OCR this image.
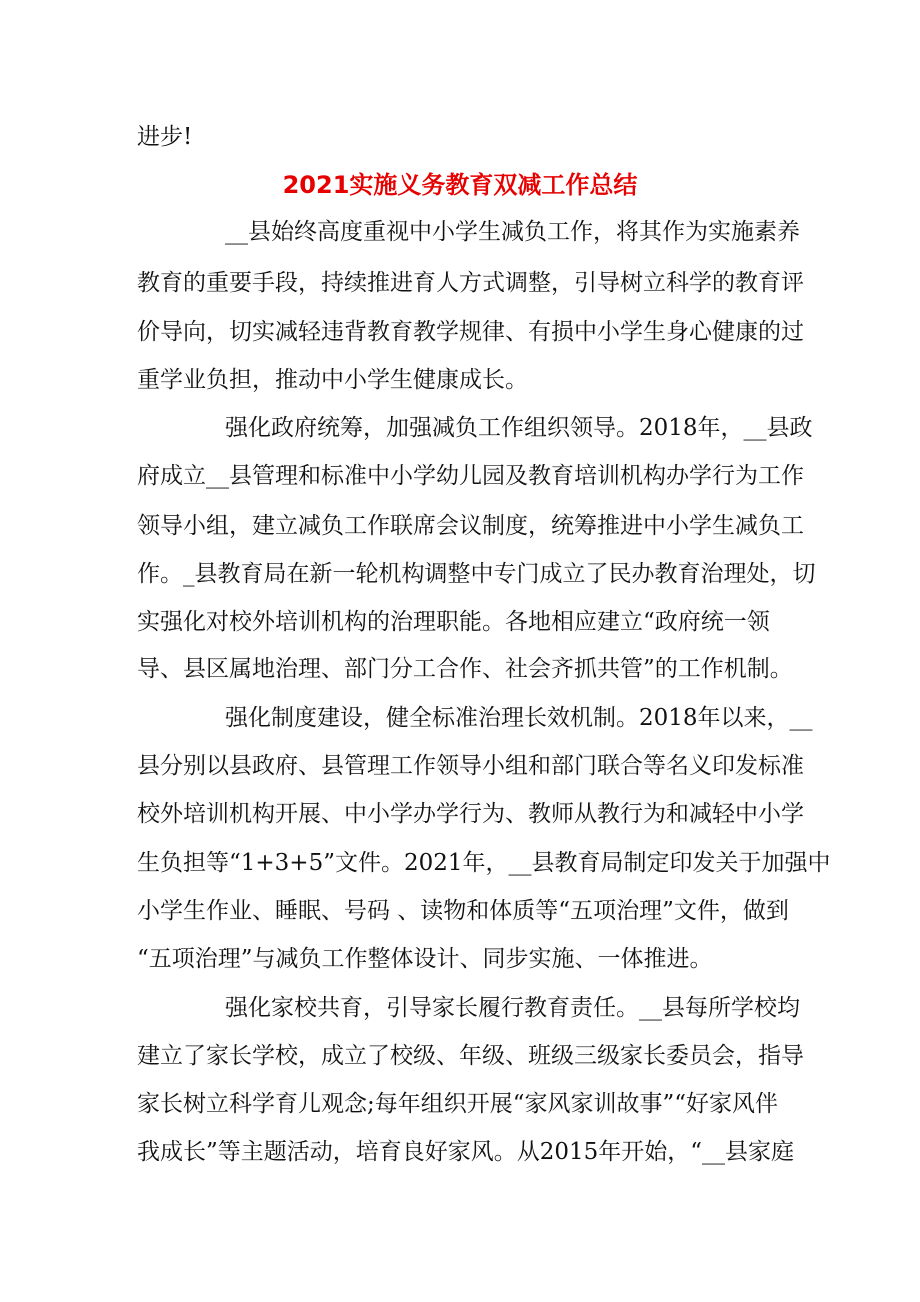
进步!
2021实施义务教育双减工作总结
__县始终高度重视中小学生减负工作，将其作为实施素养
教育的重要手段，持续推进育人方式调整，引导树立科学的教育评
价导向，切实减轻违背教育教学规律、有损中小学生身心健康的过
重学业负担，推动中小学生健康成长。
强化政府统筹，加强减负工作组织领导。2018年，__县政
府成立__县管理和标准中小学幼儿园及教育培训机构办学行为工作
领导小组，建立减负工作联席会议制度，统筹推进中小学生减负工
作。_县教育局在新一轮机构调整中专门成立了民办教育治理处，切
实强化对校外培训机构的治理职能。各地相应建立“政府统一领
导、县区属地治理、部门分工合作、社会齐抓共管”的工作机制。
强化制度建设，健全标准治理长效机制。2018年以来，__
县分别以县政府、县管理工作领导小组和部门联合等名义印发标准
校外培训机构开展、中小学办学行为、教师从教行为和减轻中小学
生负担等“1+3+5”文件。2021年，__县教育局制定印发关于加强中
小学生作业、睡眠、号码 、读物和体质等“五项治理”文件，做到
“五项治理”与减负工作整体设计、同步实施、一体推进。
强化家校共育，引导家长履行教育责任。__县每所学校均
建立了家长学校，成立了校级、年级、班级三级家长委员会，指导
家长树立科学育儿观念;每年组织开展“家风家训故事”“好家风伴
我成长”等主题活动，培育良好家风。从2015年开始，“__县家庭
